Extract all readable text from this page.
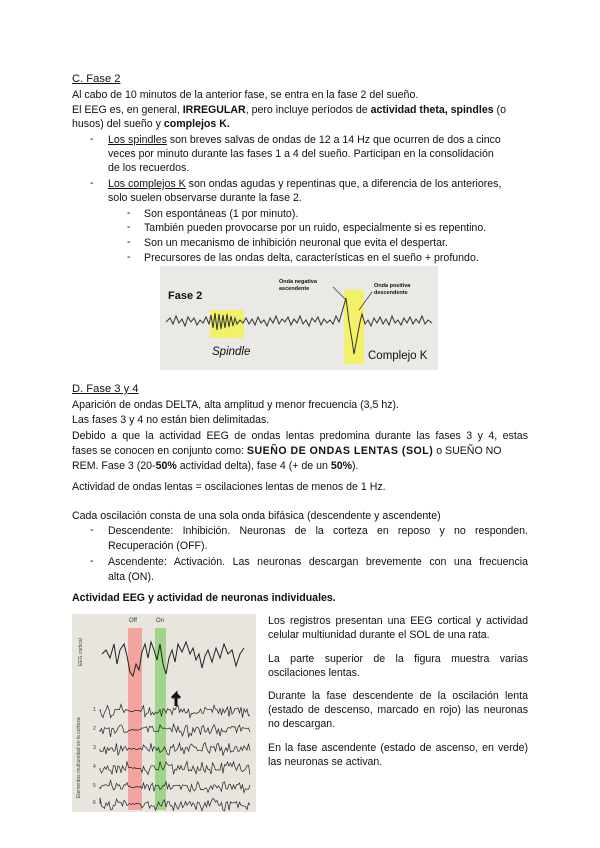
C. Fase 2
Al cabo de 10 minutos de la anterior fase, se entra en la fase 2 del sueño.
El EEG es, en general, IRREGULAR, pero incluye períodos de actividad theta, spindles (o
husos) del sueño y complejos K.
- Los spindles son breves salvas de ondas de 12 a 14 Hz que ocurren de dos a cinco
veces por minuto durante las fases 1 a 4 del sueño. Participan en la consolidación
de los recuerdos.
- Los complejos K son ondas agudas y repentinas que, a diferencia de los anteriores,
solo suelen observarse durante la fase 2.
- Son espontáneas (1 por minuto).
- También pueden provocarse por un ruido, especialmente si es repentino.
- Son un mecanismo de inhibición neuronal que evita el despertar.
- Precursores de las ondas delta, características en el sueño + profundo.
Fase 2
Spindle	Complejo K
Onda negativa
ascendente	Onda positiva
descendente
D. Fase 3 y 4
Aparición de ondas DELTA, alta amplitud y menor frecuencia (3,5 hz).
Las fases 3 y 4 no están bien delimitadas.
Debido a que la actividad EEG de ondas lentas predomina durante las fases 3 y 4, estas
fases se conocen en conjunto como: SUEÑO DE ONDAS LENTAS (SOL) o SUEÑO NO
REM. Fase 3 (20-50% actividad delta), fase 4 (+ de un 50%).
Actividad de ondas lentas = oscilaciones lentas de menos de 1 Hz.
Cada oscilación consta de una sola onda bifásica (descendente y ascendente)
- Descendente: Inhibición. Neuronas de la corteza en reposo y no responden.
Recuperación (OFF).
- Ascendente: Activación. Las neuronas descargan brevemente con una frecuencia
alta (ON).
Actividad EEG y actividad de neuronas individuales.
Off	On
EEG cortical
Elementos multiunidad en la corteza
1
2
3
4
5
6
Los registros presentan una EEG cortical y actividad celular multiunidad durante el SOL de una rata.
La parte superior de la figura muestra varias oscilaciones lentas.
Durante la fase descendente de la oscilación lenta (estado de descenso, marcado en rojo) las neuronas no descargan.
En la fase ascendente (estado de ascenso, en verde) las neuronas se activan.
